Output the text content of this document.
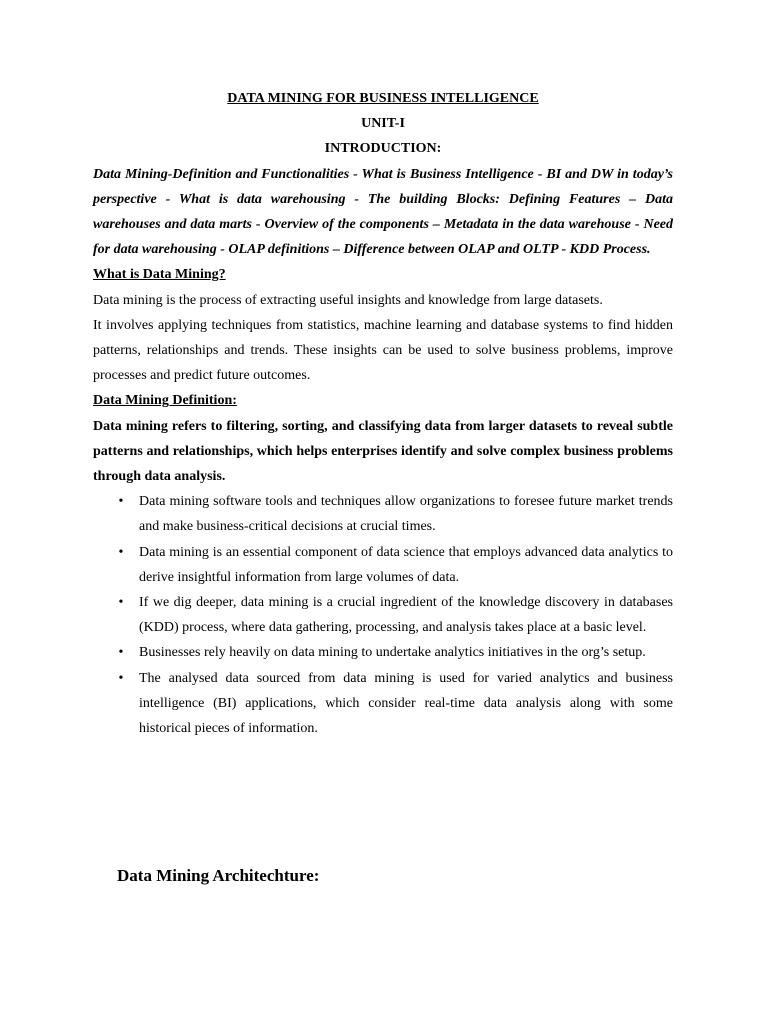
DATA MINING FOR BUSINESS INTELLIGENCE

UNIT-I

INTRODUCTION:

Data Mining-Definition and Functionalities - What is Business Intelligence - BI and DW in today’s perspective - What is data warehousing - The building Blocks: Defining Features – Data warehouses and data marts - Overview of the components – Metadata in the data warehouse - Need for data warehousing - OLAP definitions – Difference between OLAP and OLTP - KDD Process.

What is Data Mining?

Data mining is the process of extracting useful insights and knowledge from large datasets.

It involves applying techniques from statistics, machine learning and database systems to find hidden patterns, relationships and trends. These insights can be used to solve business problems, improve processes and predict future outcomes.

Data Mining Definition:

Data mining refers to filtering, sorting, and classifying data from larger datasets to reveal subtle patterns and relationships, which helps enterprises identify and solve complex business problems through data analysis.

• Data mining software tools and techniques allow organizations to foresee future market trends and make business-critical decisions at crucial times.
• Data mining is an essential component of data science that employs advanced data analytics to derive insightful information from large volumes of data.
• If we dig deeper, data mining is a crucial ingredient of the knowledge discovery in databases (KDD) process, where data gathering, processing, and analysis takes place at a basic level.
• Businesses rely heavily on data mining to undertake analytics initiatives in the org’s setup.
• The analysed data sourced from data mining is used for varied analytics and business intelligence (BI) applications, which consider real-time data analysis along with some historical pieces of information.

Data Mining Architechture:
